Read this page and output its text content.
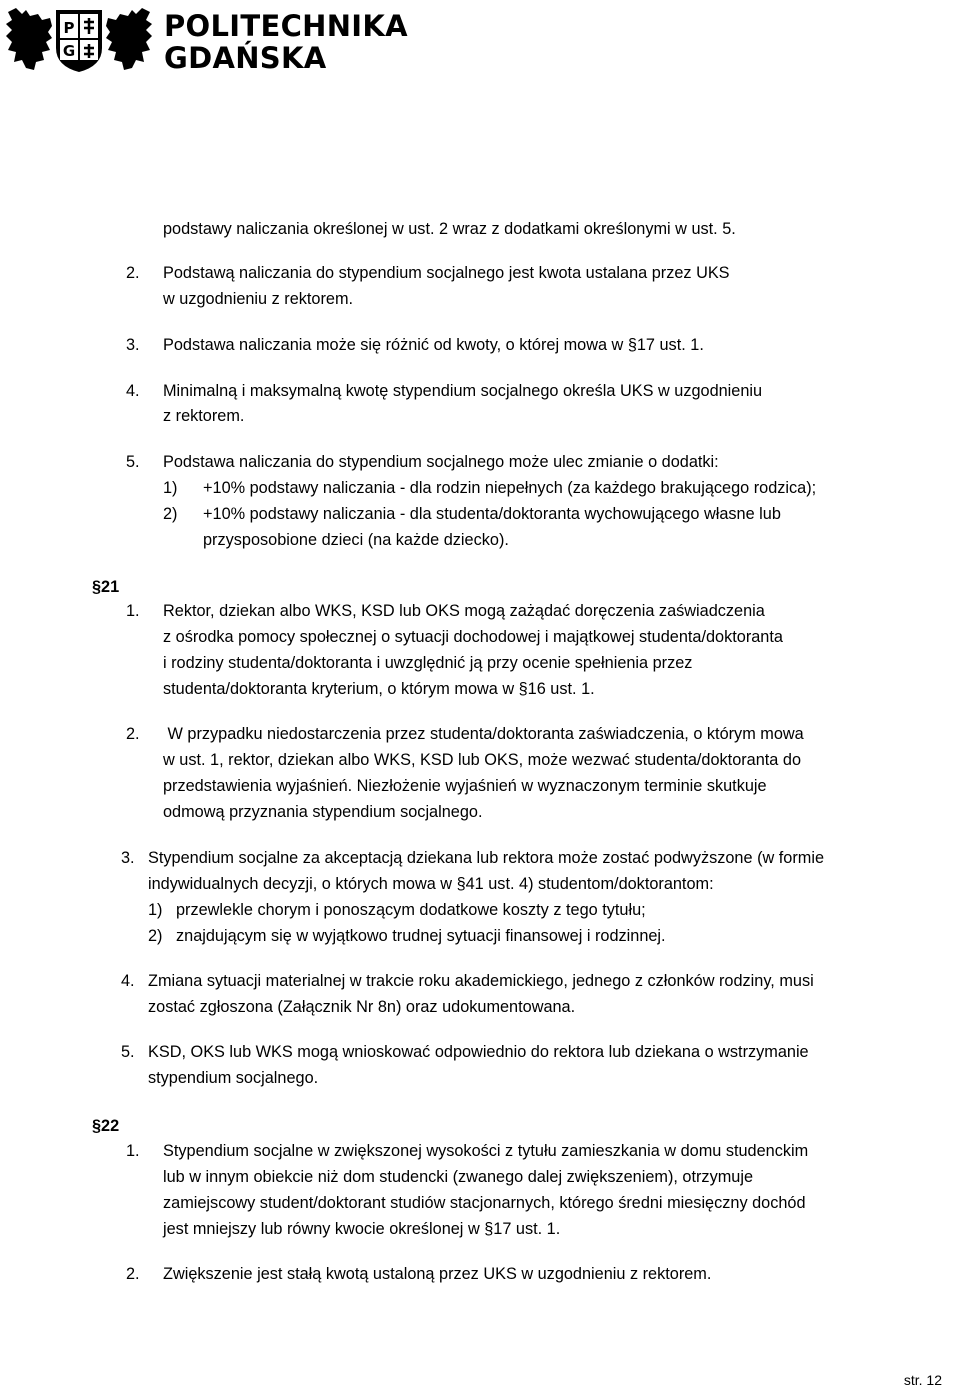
P
G
POLITECHNIKA
GDAŃSKA
podstawy naliczania określonej w ust. 2 wraz z dodatkami określonymi w ust. 5.
2. Podstawą naliczania do stypendium socjalnego jest kwota ustalana przez UKS
w uzgodnieniu z rektorem.
3. Podstawa naliczania może się różnić od kwoty, o której mowa w §17 ust. 1.
4. Minimalną i maksymalną kwotę stypendium socjalnego określa UKS w uzgodnieniu
z rektorem.
5. Podstawa naliczania do stypendium socjalnego może ulec zmianie o dodatki:
1) +10% podstawy naliczania - dla rodzin niepełnych (za każdego brakującego rodzica);
2) +10% podstawy naliczania - dla studenta/doktoranta wychowującego własne lub
przysposobione dzieci (na każde dziecko).
§21
1. Rektor, dziekan albo WKS, KSD lub OKS mogą zażądać doręczenia zaświadczenia
z ośrodka pomocy społecznej o sytuacji dochodowej i majątkowej studenta/doktoranta
i rodziny studenta/doktoranta i uwzględnić ją przy ocenie spełnienia przez
studenta/doktoranta kryterium, o którym mowa w §16 ust. 1.
2. W przypadku niedostarczenia przez studenta/doktoranta zaświadczenia, o którym mowa
w ust. 1, rektor, dziekan albo WKS, KSD lub OKS, może wezwać studenta/doktoranta do
przedstawienia wyjaśnień. Niezłożenie wyjaśnień w wyznaczonym terminie skutkuje
odmową przyznania stypendium socjalnego.
3. Stypendium socjalne za akceptacją dziekana lub rektora może zostać podwyższone (w formie
indywidualnych decyzji, o których mowa w §41 ust. 4) studentom/doktorantom:
1) przewlekle chorym i ponoszącym dodatkowe koszty z tego tytułu;
2) znajdującym się w wyjątkowo trudnej sytuacji finansowej i rodzinnej.
4. Zmiana sytuacji materialnej w trakcie roku akademickiego, jednego z członków rodziny, musi
zostać zgłoszona (Załącznik Nr 8n) oraz udokumentowana.
5. KSD, OKS lub WKS mogą wnioskować odpowiednio do rektora lub dziekana o wstrzymanie
stypendium socjalnego.
§22
1. Stypendium socjalne w zwiększonej wysokości z tytułu zamieszkania w domu studenckim
lub w innym obiekcie niż dom studencki (zwanego dalej zwiększeniem), otrzymuje
zamiejscowy student/doktorant studiów stacjonarnych, którego średni miesięczny dochód
jest mniejszy lub równy kwocie określonej w §17 ust. 1.
2. Zwiększenie jest stałą kwotą ustaloną przez UKS w uzgodnieniu z rektorem.
str. 12
